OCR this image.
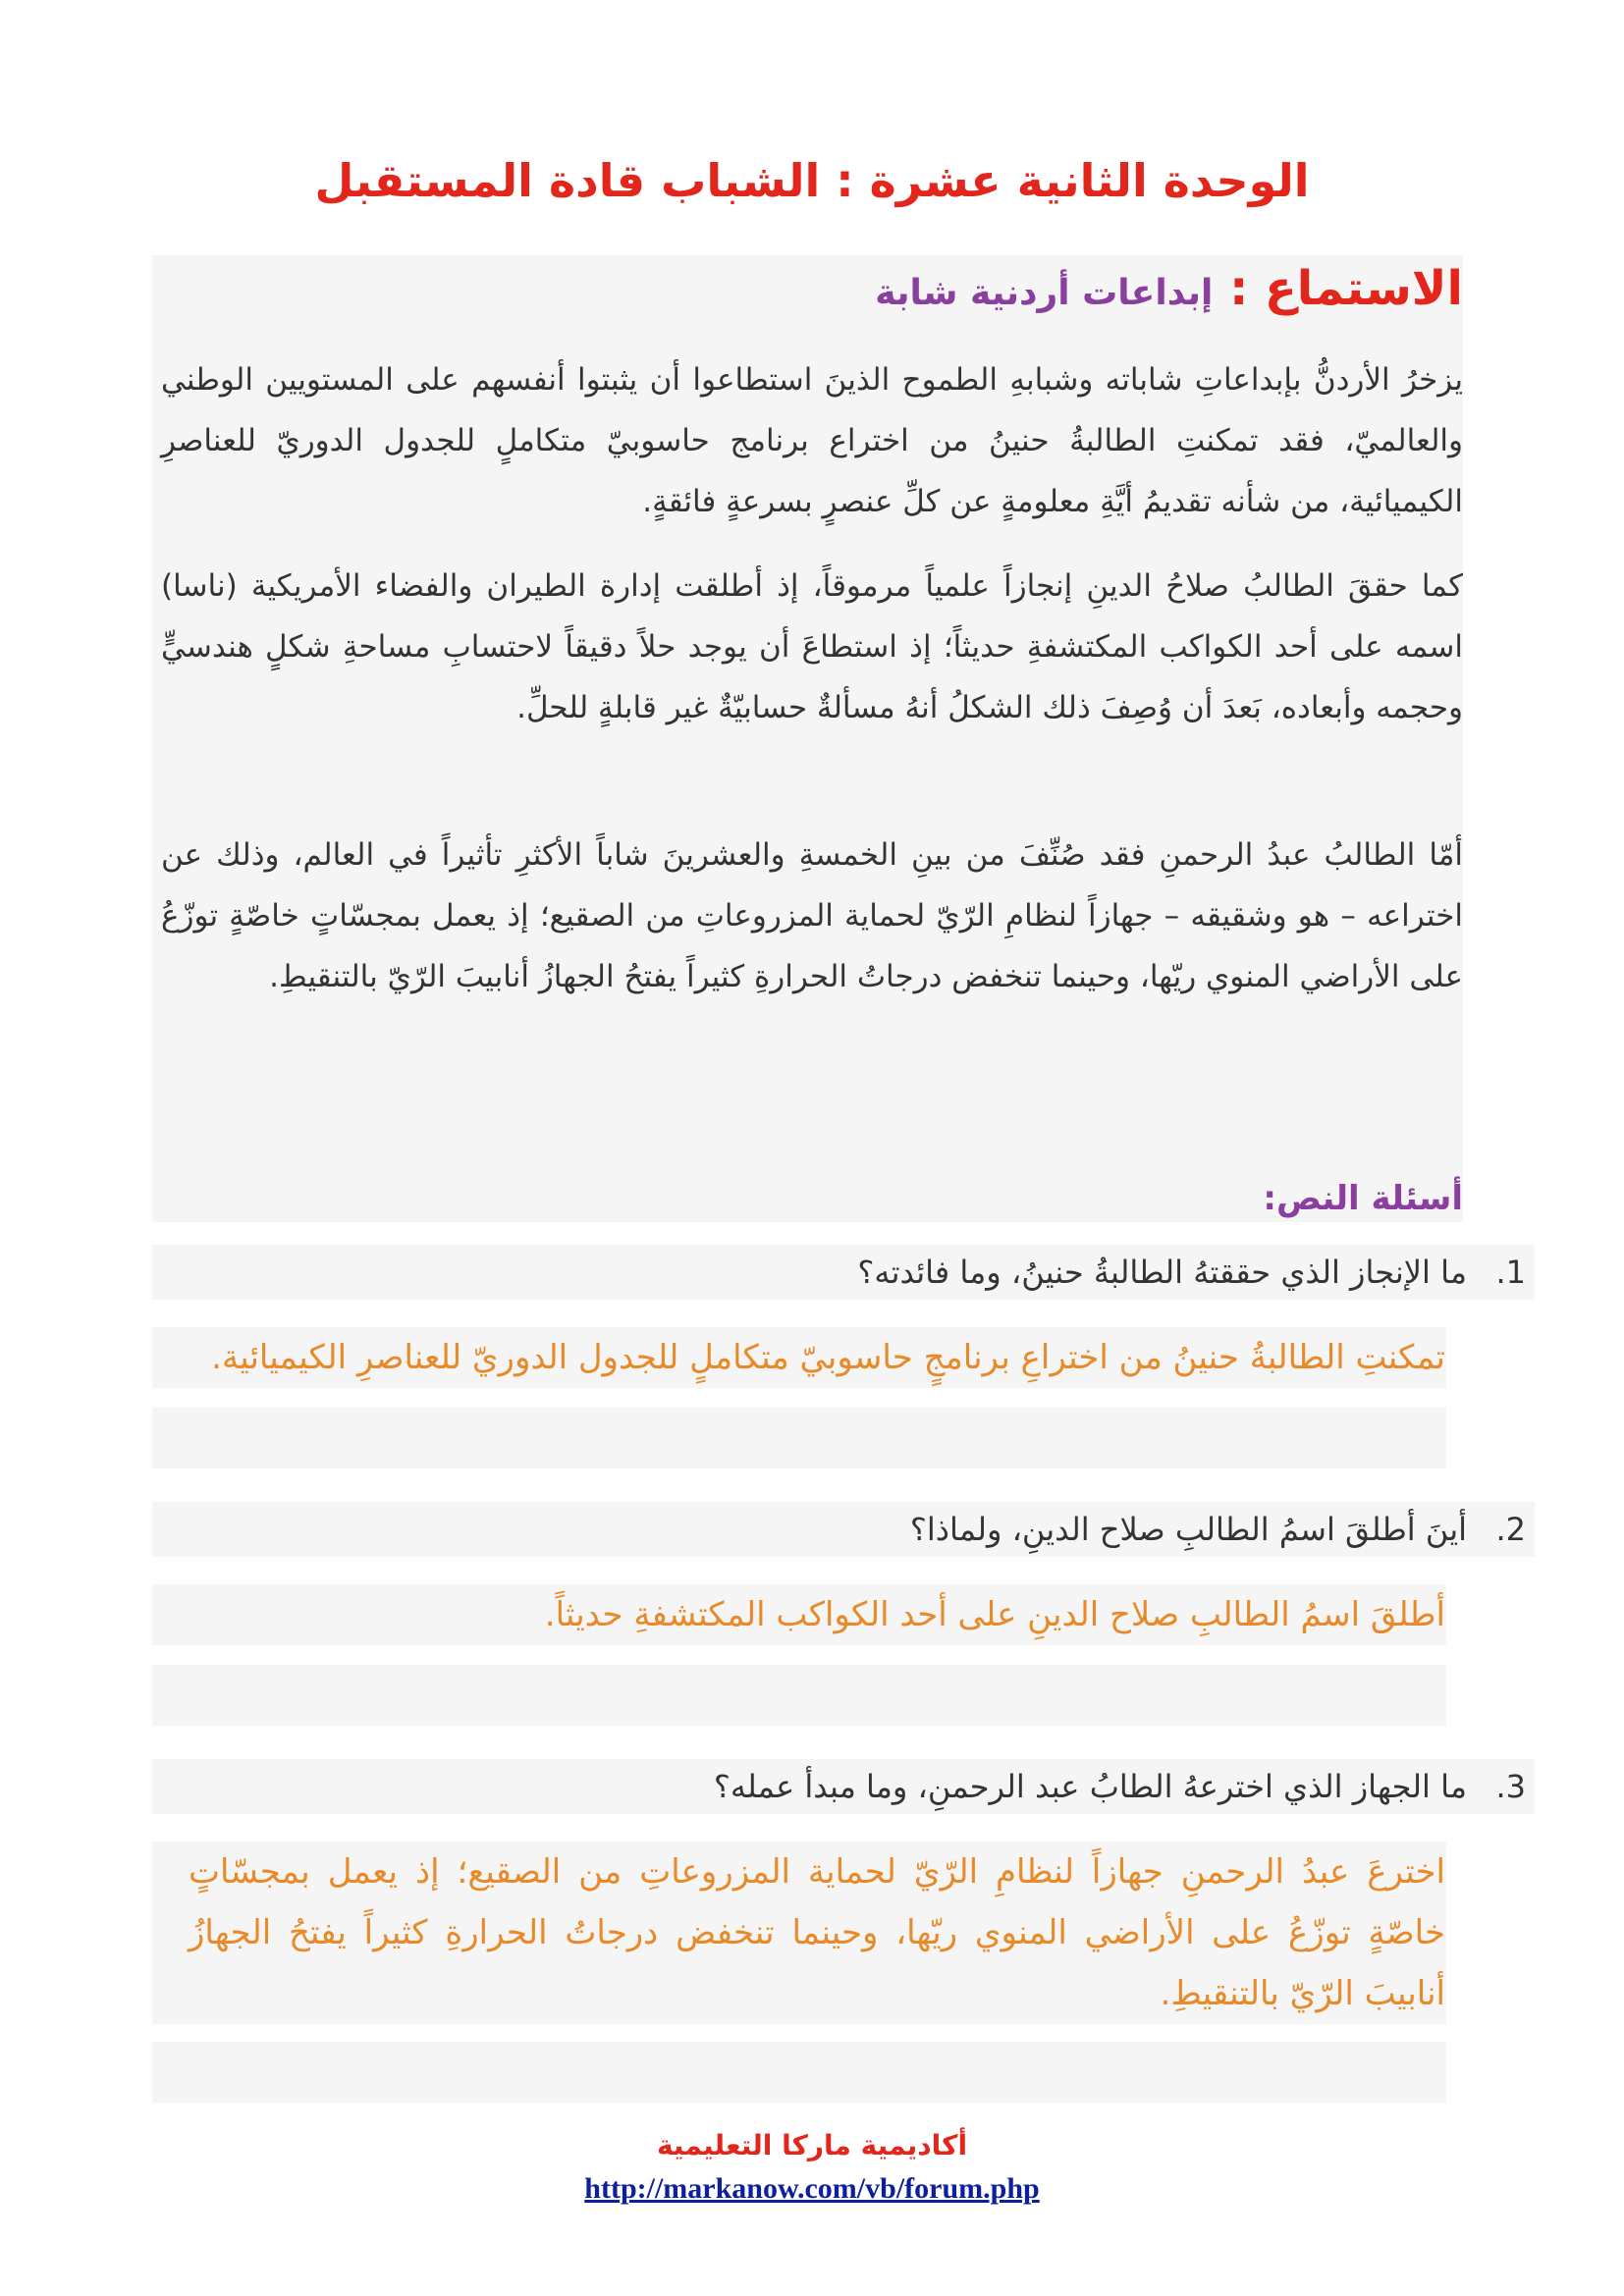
الوحدة الثانية عشرة : الشباب قادة المستقبل
الاستماع : إبداعات أردنية شابة

يزخرُ الأردنُّ بإبداعاتِ شاباته وشبابهِ الطموح الذينَ استطاعوا أن يثبتوا أنفسهم على المستويين الوطني والعالميّ، فقد تمكنتِ الطالبةُ حنينُ من اختراع برنامج حاسوبيّ متكاملٍ للجدول الدوريّ للعناصرِ الكيميائية، من شأنه تقديمُ أيَّةِ معلومةٍ عن كلِّ عنصرٍ بسرعةٍ فائقةٍ.

كما حققَ الطالبُ صلاحُ الدينِ إنجازاً علمياً مرموقاً، إذ أطلقت إدارة الطيران والفضاء الأمريكية (ناسا) اسمه على أحد الكواكب المكتشفةِ حديثاً؛ إذ استطاعَ أن يوجد حلاً دقيقاً لاحتسابِ مساحةِ شكلٍ هندسيٍّ وحجمه وأبعاده، بَعدَ أن وُصِفَ ذلك الشكلُ أنهُ مسألةٌ حسابيّةٌ غير قابلةٍ للحلِّ.

أمّا الطالبُ عبدُ الرحمنِ فقد صُنِّفَ من بينِ الخمسةِ والعشرينَ شاباً الأكثرِ تأثيراً في العالم، وذلك عن اختراعه – هو وشقيقه – جهازاً لنظامِ الرّيّ لحماية المزروعاتِ من الصقيع؛ إذ يعمل بمجسّاتٍ خاصّةٍ توزّعُ على الأراضي المنوي ريّها، وحينما تنخفض درجاتُ الحرارةِ كثيراً يفتحُ الجهازُ أنابيبَ الرّيّ بالتنقيطِ.

أسئلة النص:
1.ما الإنجاز الذي حققتهُ الطالبةُ حنينُ، وما فائدته؟
تمكنتِ الطالبةُ حنينُ من اختراعِ برنامجٍ حاسوبيّ متكاملٍ للجدول الدوريّ للعناصرِ الكيميائية.
2.أينَ أطلقَ اسمُ الطالبِ صلاح الدينِ، ولماذا؟
أطلقَ اسمُ الطالبِ صلاح الدينِ على أحد الكواكب المكتشفةِ حديثاً.
3.ما الجهاز الذي اخترعهُ الطابُ عبد الرحمنِ، وما مبدأ عمله؟
اخترعَ عبدُ الرحمنِ جهازاً لنظامِ الرّيّ لحماية المزروعاتِ من الصقيع؛ إذ يعمل بمجسّاتٍ خاصّةٍ توزّعُ على الأراضي المنوي ريّها، وحينما تنخفض درجاتُ الحرارةِ كثيراً يفتحُ الجهازُ أنابيبَ الرّيّ بالتنقيطِ.
أكاديمية ماركا التعليمية
http://markanow.com/vb/forum.php
